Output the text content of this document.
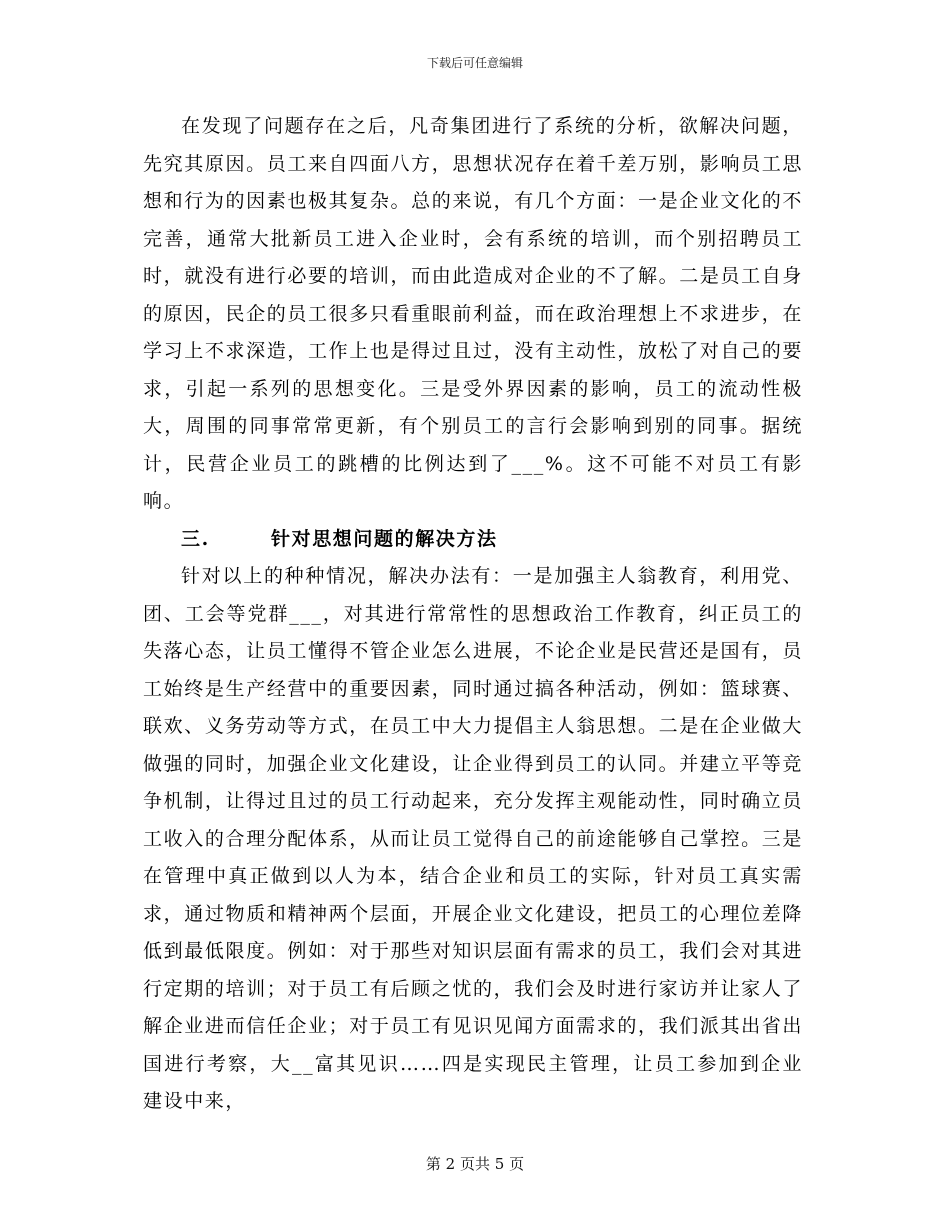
下载后可任意编辑

在发现了问题存在之后，凡奇集团进行了系统的分析，欲解决问题，先究其原因。员工来自四面八方，思想状况存在着千差万别，影响员工思想和行为的因素也极其复杂。总的来说，有几个方面：一是企业文化的不完善，通常大批新员工进入企业时，会有系统的培训，而个别招聘员工时，就没有进行必要的培训，而由此造成对企业的不了解。二是员工自身的原因，民企的员工很多只看重眼前利益，而在政治理想上不求进步，在学习上不求深造，工作上也是得过且过，没有主动性，放松了对自己的要求，引起一系列的思想变化。三是受外界因素的影响，员工的流动性极大，周围的同事常常更新，有个别员工的言行会影响到别的同事。据统计，民营企业员工的跳槽的比例达到了___%。这不可能不对员工有影响。

三.	针对思想问题的解决方法

针对以上的种种情况，解决办法有：一是加强主人翁教育，利用党、团、工会等党群___，对其进行常常性的思想政治工作教育，纠正员工的失落心态，让员工懂得不管企业怎么进展，不论企业是民营还是国有，员工始终是生产经营中的重要因素，同时通过搞各种活动，例如：篮球赛、联欢、义务劳动等方式，在员工中大力提倡主人翁思想。二是在企业做大做强的同时，加强企业文化建设，让企业得到员工的认同。并建立平等竞争机制，让得过且过的员工行动起来，充分发挥主观能动性，同时确立员工收入的合理分配体系，从而让员工觉得自己的前途能够自己掌控。三是在管理中真正做到以人为本，结合企业和员工的实际，针对员工真实需求，通过物质和精神两个层面，开展企业文化建设，把员工的心理位差降低到最低限度。例如：对于那些对知识层面有需求的员工，我们会对其进行定期的培训；对于员工有后顾之忧的，我们会及时进行家访并让家人了解企业进而信任企业；对于员工有见识见闻方面需求的，我们派其出省出国进行考察，大__富其见识……四是实现民主管理，让员工参加到企业建设中来，

第 2 页共 5 页
